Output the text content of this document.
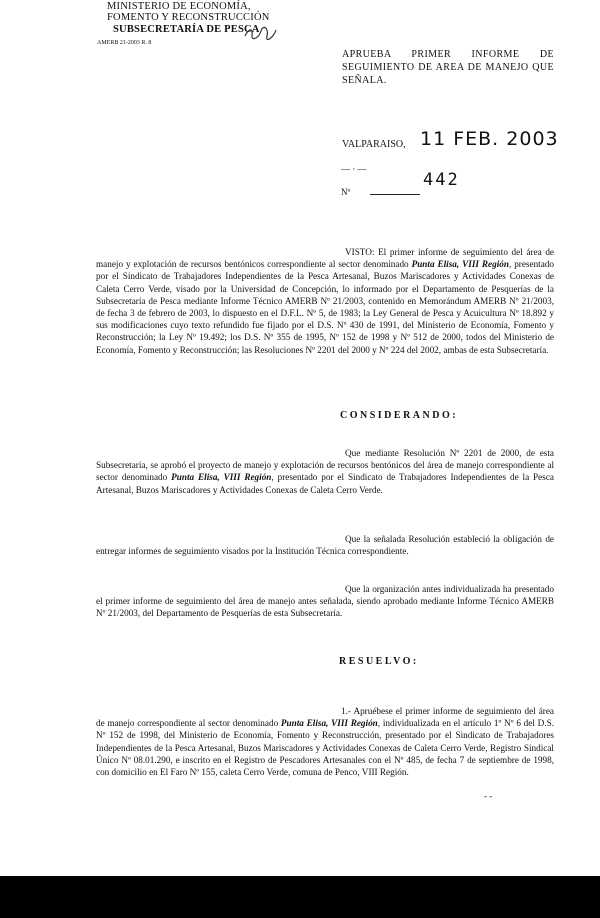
MINISTERIO DE ECONOMÍA,
FOMENTO Y RECONSTRUCCIÓN
SUBSECRETARÍA DE PESCA
AMERB 21-2003 R. 8
APRUEBA PRIMER INFORME DE SEGUIMIENTO DE AREA DE MANEJO QUE SEÑALA.
VALPARAISO, 11 FEB. 2003
— · —
Nº
442

VISTO: El primer informe de seguimiento del área de manejo y explotación de recursos bentónicos correspondiente al sector denominado Punta Elisa, VIII Región, presentado por el Sindicato de Trabajadores Independientes de la Pesca Artesanal, Buzos Mariscadores y Actividades Conexas de Caleta Cerro Verde, visado por la Universidad de Concepción, lo informado por el Departamento de Pesquerías de la Subsecretaría de Pesca mediante Informe Técnico AMERB Nº 21/2003, contenido en Memorándum AMERB Nº 21/2003, de fecha 3 de febrero de 2003, lo dispuesto en el D.F.L. Nº 5, de 1983; la Ley General de Pesca y Acuicultura Nº 18.892 y sus modificaciones cuyo texto refundido fue fijado por el D.S. Nº 430 de 1991, del Ministerio de Economía, Fomento y Reconstrucción; la Ley Nº 19.492; los D.S. Nº 355 de 1995, Nº 152 de 1998 y Nº 512 de 2000, todos del Ministerio de Economía, Fomento y Reconstrucción; las Resoluciones Nº 2201 del 2000 y Nº 224 del 2002, ambas de esta Subsecretaría.

CONSIDERANDO:

Que mediante Resolución Nº 2201 de 2000, de esta Subsecretaría, se aprobó el proyecto de manejo y explotación de recursos bentónicos del área de manejo correspondiente al sector denominado Punta Elisa, VIII Región, presentado por el Sindicato de Trabajadores Independientes de la Pesca Artesanal, Buzos Mariscadores y Actividades Conexas de Caleta Cerro Verde.

Que la señalada Resolución estableció la obligación de entregar informes de seguimiento visados por la Institución Técnica correspondiente.

Que la organización antes individualizada ha presentado el primer informe de seguimiento del área de manejo antes señalada, siendo aprobado mediante Informe Técnico AMERB Nº 21/2003, del Departamento de Pesquerías de esta Subsecretaría.

RESUELVO:

1.- Apruébese el primer informe de seguimiento del área de manejo correspondiente al sector denominado Punta Elisa, VIII Región, individualizada en el artículo 1º Nº 6 del D.S. Nº 152 de 1998, del Ministerio de Economía, Fomento y Reconstrucción, presentado por el Sindicato de Trabajadores Independientes de la Pesca Artesanal, Buzos Mariscadores y Actividades Conexas de Caleta Cerro Verde, Registro Sindical Único Nº 08.01.290, e inscrito en el Registro de Pescadores Artesanales con el Nº 485, de fecha 7 de septiembre de 1998, con domicilio en El Faro Nº 155, caleta Cerro Verde, comuna de Penco, VIII Región.

- -
